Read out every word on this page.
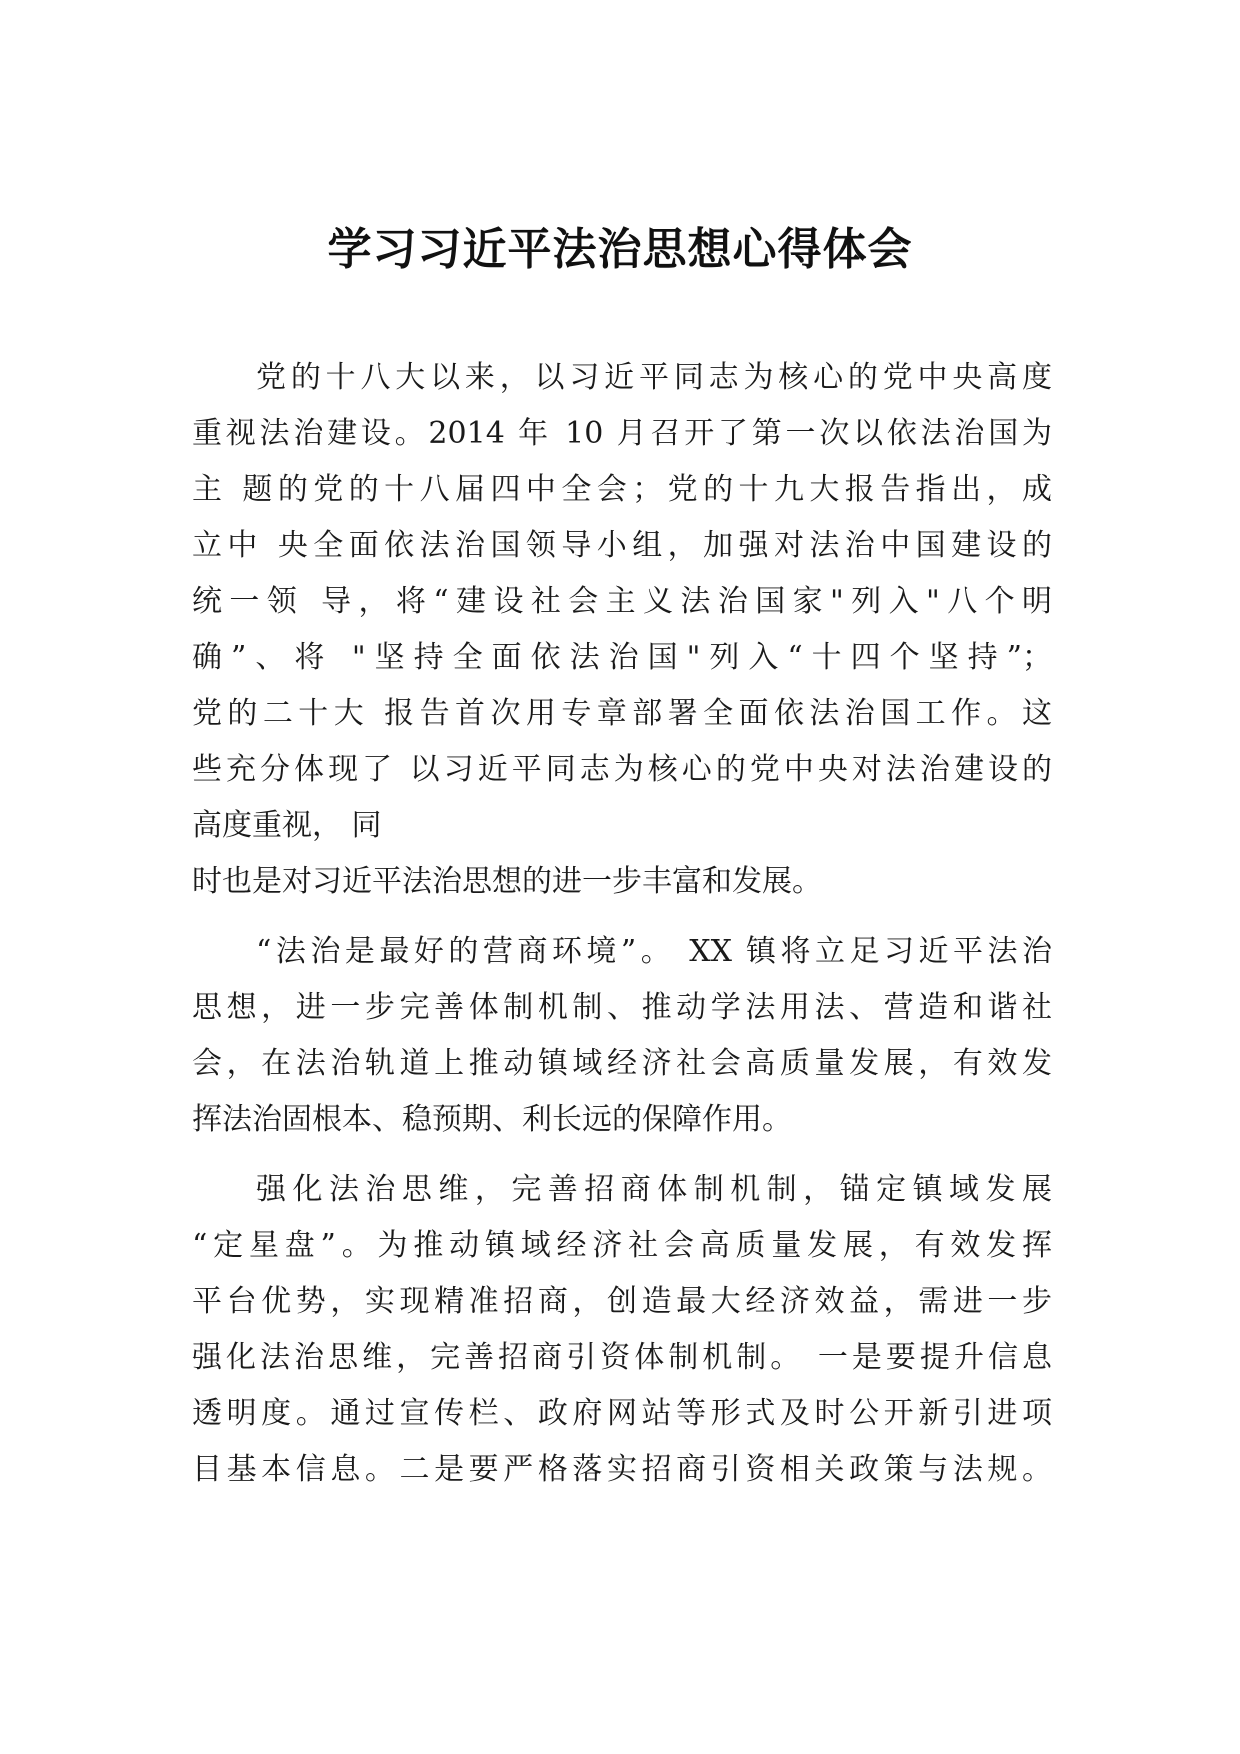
学习习近平法治思想心得体会
党的十八大以来，以习近平同志为核心的党中央高度
重视法治建设。2014 年 10 月召开了第一次以依法治国为
主 题的党的十八届四中全会；党的十九大报告指出，成
立中 央全面依法治国领导小组，加强对法治中国建设的
统一领 导，将“建设社会主义法治国家"列入"八个明
确”、将 "坚持全面依法治国"列入“十四个坚持”；
党的二十大 报告首次用专章部署全面依法治国工作。这
些充分体现了 以习近平同志为核心的党中央对法治建设的
高度重视， 同
时也是对习近平法治思想的进一步丰富和发展。
“法治是最好的营商环境”。 XX 镇将立足习近平法治
思想，进一步完善体制机制、推动学法用法、营造和谐社
会，在法治轨道上推动镇域经济社会高质量发展，有效发
挥法治固根本、稳预期、利长远的保障作用。
强化法治思维，完善招商体制机制，锚定镇域发展
“定星盘”。为推动镇域经济社会高质量发展，有效发挥
平台优势，实现精准招商，创造最大经济效益，需进一步
强化法治思维，完善招商引资体制机制。 一是要提升信息
透明度。通过宣传栏、政府网站等形式及时公开新引进项
目基本信息。二是要严格落实招商引资相关政策与法规。
